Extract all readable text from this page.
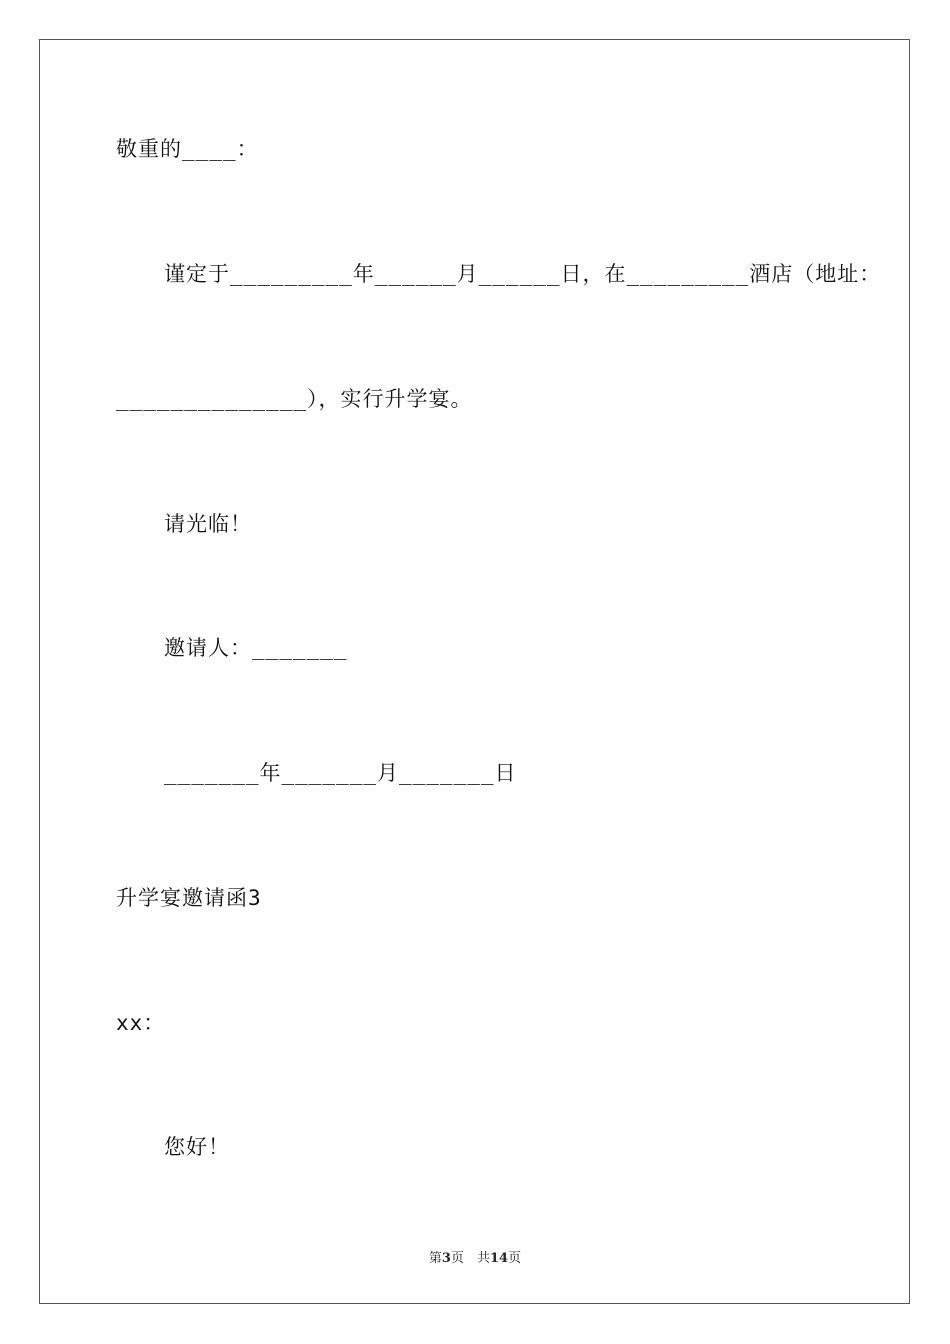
敬重的____：
谨定于_________年______月______日，在_________酒店（地址：
______________），实行升学宴。
请光临！
邀请人：_______
_______年_______月_______日
升学宴邀请函3
xx：
您好！
第3页　共14页
